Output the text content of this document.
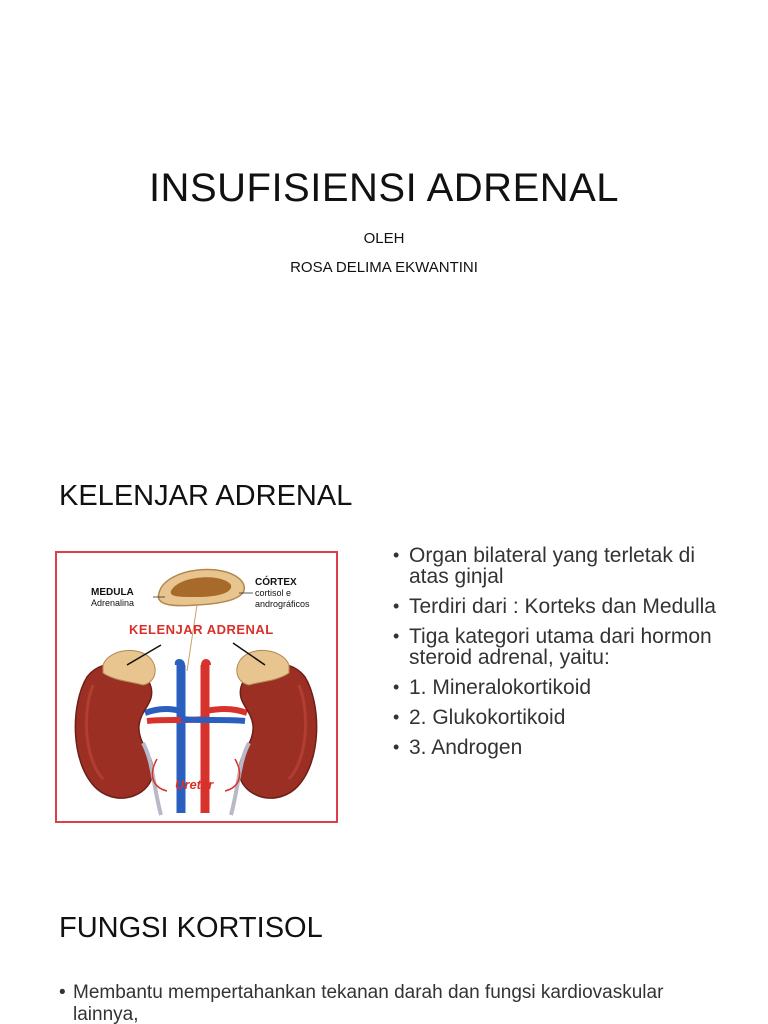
INSUFISIENSI ADRENAL
OLEH
ROSA DELIMA EKWANTINI
KELENJAR ADRENAL
MEDULA
Adrenalina
CÓRTEX
cortisol e
andrográficos
KELENJAR ADRENAL
Ureter
• Organ bilateral yang terletak di atas ginjal
• Terdiri dari : Korteks dan Medulla
• Tiga kategori utama dari hormon steroid adrenal, yaitu:
• 1. Mineralokortikoid
• 2. Glukokortikoid
• 3. Androgen
FUNGSI KORTISOL
• Membantu mempertahankan tekanan darah dan fungsi kardiovaskular lainnya,
